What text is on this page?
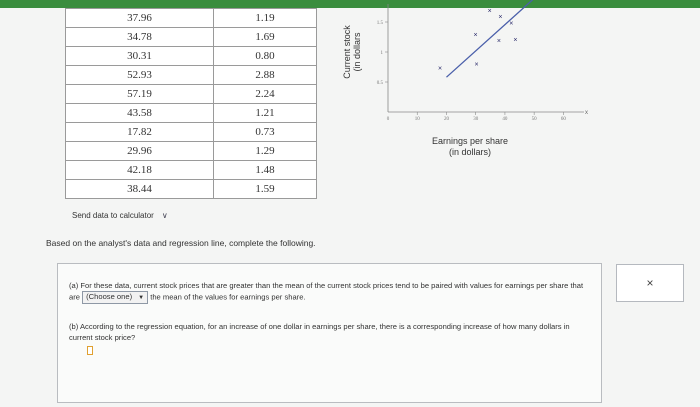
37.96	1.19
34.78	1.69
30.31	0.80
52.93	2.88
57.19	2.24
43.58	1.21
17.82	0.73
29.96	1.29
42.18	1.48
38.44	1.59
Send data to calculator ∨
Current stock (in dollars
x
0	10	20	30	40	50	60
0.5
1
1.5
×
×
×
×
×
×
×
×
Earnings per share
(in dollars)
Based on the analyst's data and regression line, complete the following.
(a) For these data, current stock prices that are greater than the mean of the current stock prices tend to be paired with values for earnings per share that are (Choose one) ▼ the mean of the values for earnings per share.
(b) According to the regression equation, for an increase of one dollar in earnings per share, there is a corresponding increase of how many dollars in current stock price?
×
